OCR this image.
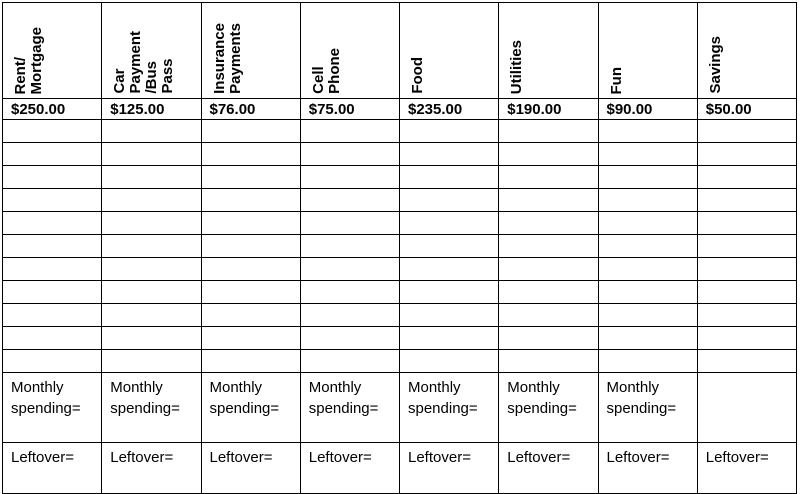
Rent/
Mortgage	Car
Payment
/Bus
Pass	Insurance
Payments	Cell
Phone	Food	Utilities	Fun	Savings

$250.00	$125.00	$76.00	$75.00	$235.00	$190.00	$90.00	$50.00

Monthly
spending=	Monthly
spending=	Monthly
spending=	Monthly
spending=	Monthly
spending=	Monthly
spending=	Monthly
spending=	
Leftover=	Leftover=	Leftover=	Leftover=	Leftover=	Leftover=	Leftover=	Leftover=
